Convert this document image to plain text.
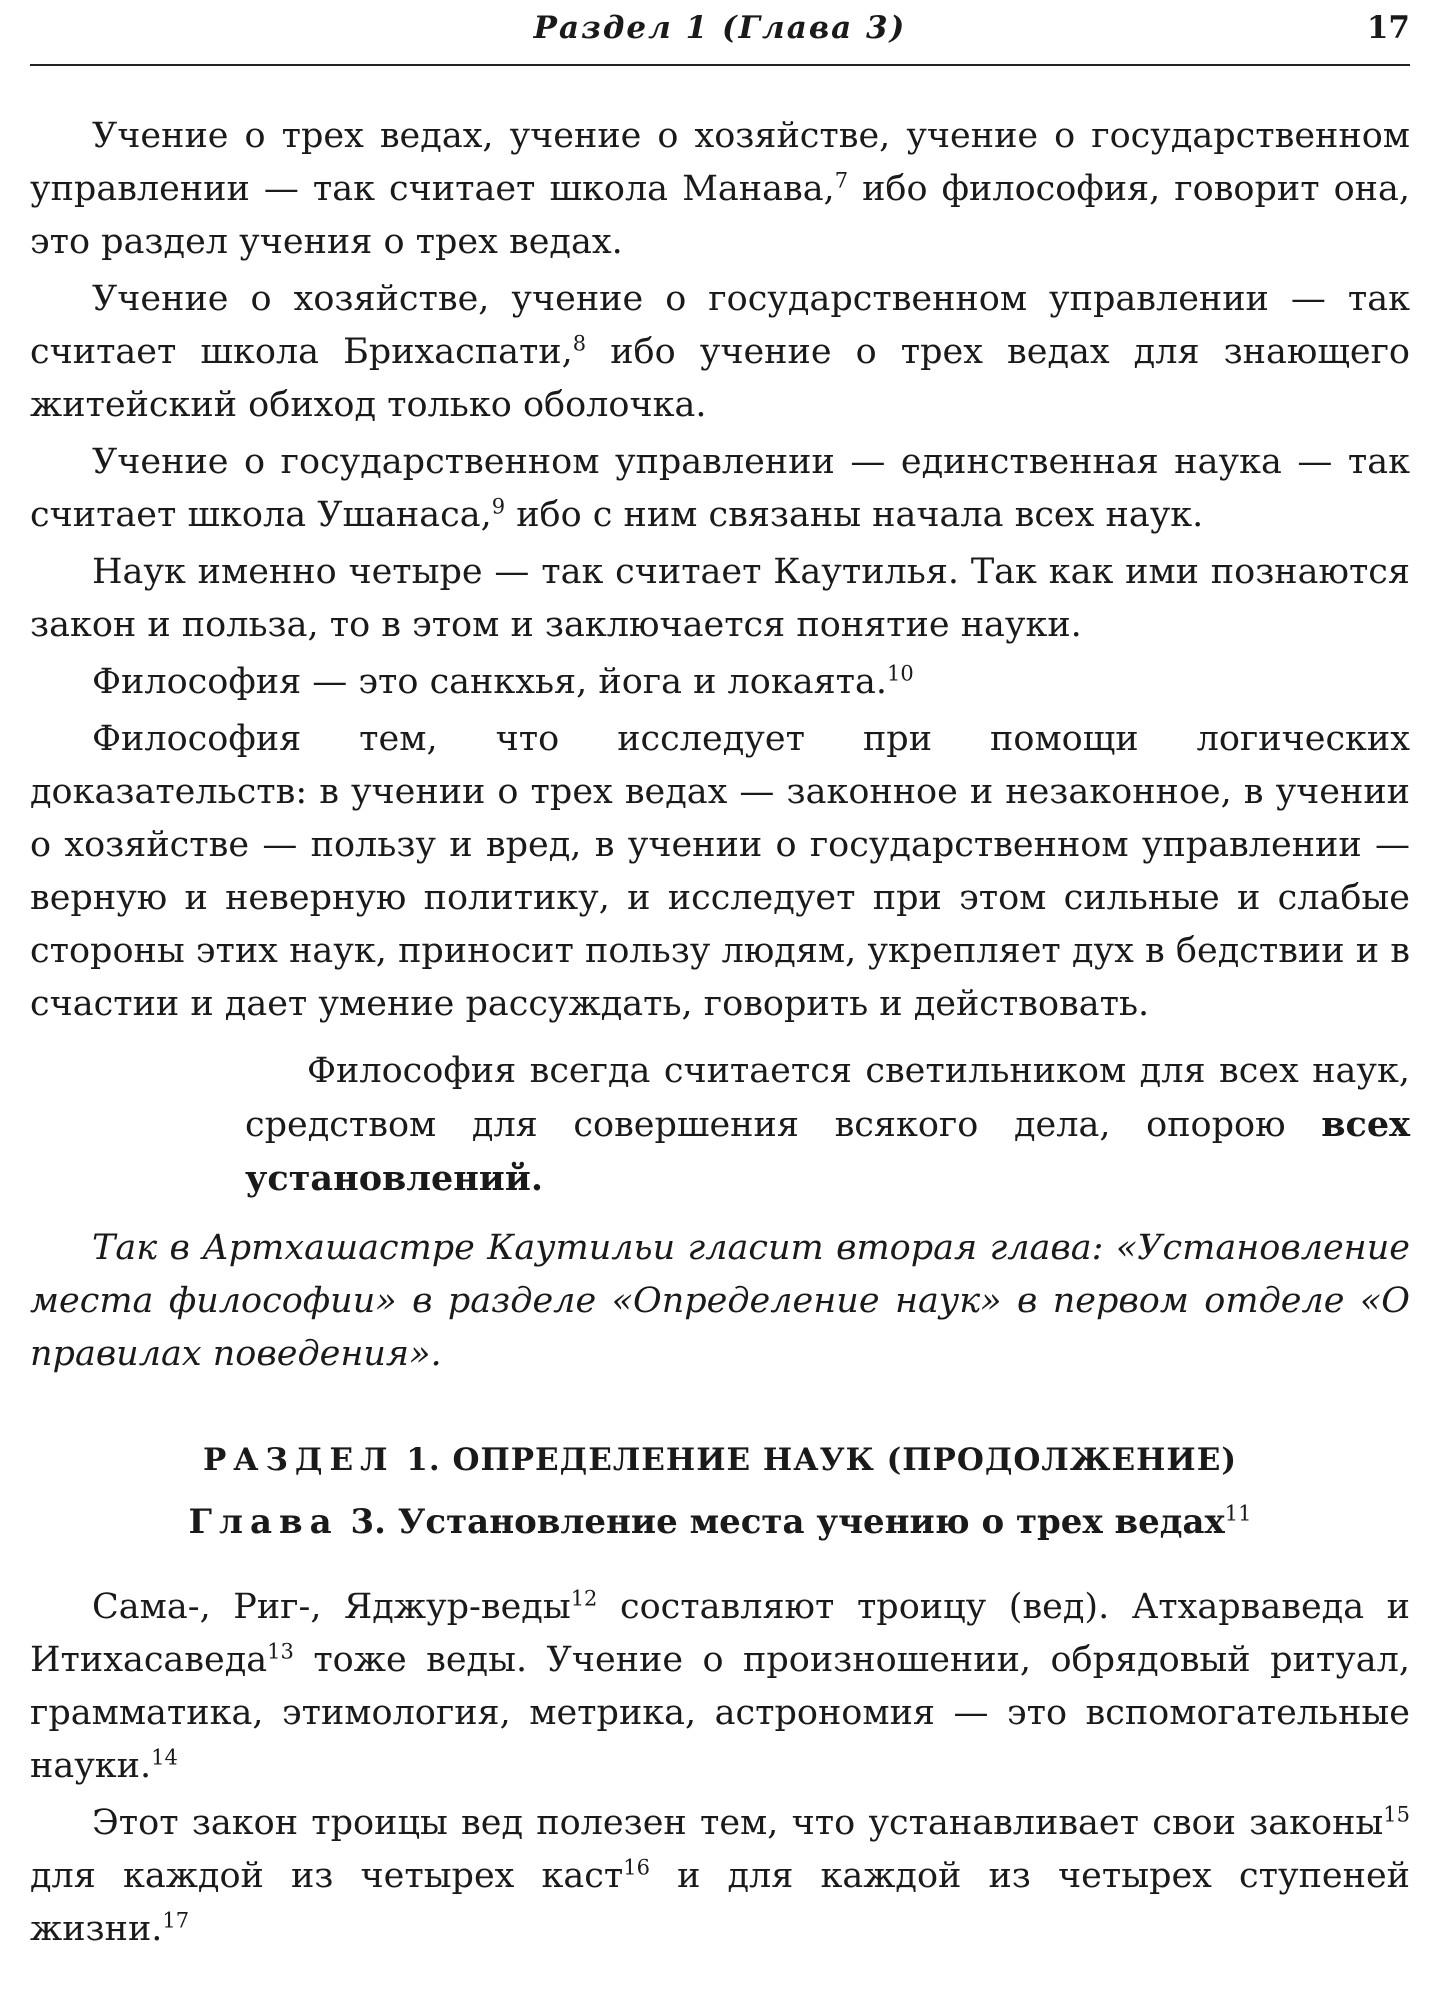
Раздел 1 (Глава 3)	17

Учение о трех ведах, учение о хозяйстве, учение о государственном управлении — так считает школа Манава,$^7$ ибо философия, говорит она, это раздел учения о трех ведах.

Учение о хозяйстве, учение о государственном управлении — так считает школа Брихаспати,$^8$ ибо учение о трех ведах для знающего житейский обиход только оболочка.

Учение о государственном управлении — единственная наука — так считает школа Ушанаса,$^9$ ибо с ним связаны начала всех наук.

Наук именно четыре — так считает Каутилья. Так как ими познаются закон и польза, то в этом и заключается понятие науки.

Философия — это санкхья, йога и локаята.$^{10}$

Философия тем, что исследует при помощи логических доказательств: в учении о трех ведах — законное и незаконное, в учении о хозяйстве — пользу и вред, в учении о государственном управлении — верную и неверную политику, и исследует при этом сильные и слабые стороны этих наук, приносит пользу людям, укрепляет дух в бедствии и в счастии и дает умение рассуждать, говорить и действовать.

Философия всегда считается светильником для всех наук, средством для совершения всякого дела, опорою всех установлений.

Так в Артхашастре Каутильи гласит вторая глава: «Установление места философии» в разделе «Определение наук» в первом отделе «О правилах поведения».

РАЗДЕЛ 1. ОПРЕДЕЛЕНИЕ НАУК (ПРОДОЛЖЕНИЕ)
Глава 3. Установление места учению о трех ведах$^{11}$

Сама-, Риг-, Яджур-веды$^{12}$ составляют троицу (вед). Атхарваведа и Итихасаведа$^{13}$ тоже веды. Учение о произношении, обрядовый ритуал, грамматика, этимология, метрика, астрономия — это вспомогательные науки.$^{14}$

Этот закон троицы вед полезен тем, что устанавливает свои законы$^{15}$ для каждой из четырех каст$^{16}$ и для каждой из четырех ступеней жизни.$^{17}$
